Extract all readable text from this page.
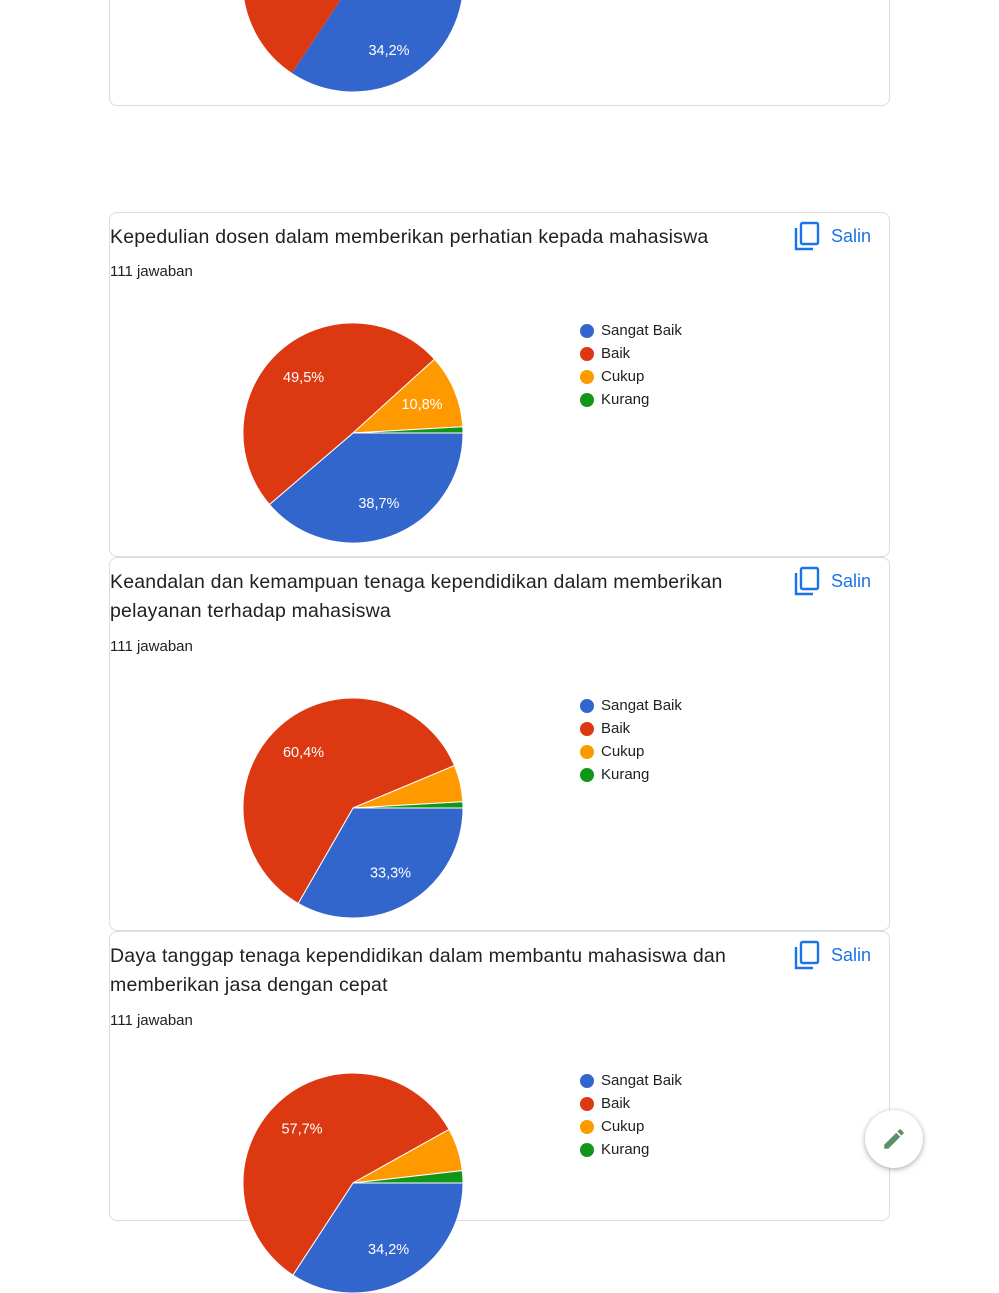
34,2%
Kepedulian dosen dalam memberikan perhatian kepada mahasiswa
111 jawaban
Salin
38,7%
49,5%
10,8%
Sangat Baik
Baik
Cukup
Kurang
Keandalan dan kemampuan tenaga kependidikan dalam memberikan pelayanan terhadap mahasiswa
111 jawaban
Salin
33,3%
60,4%
Sangat Baik
Baik
Cukup
Kurang
Daya tanggap tenaga kependidikan dalam membantu mahasiswa dan memberikan jasa dengan cepat
111 jawaban
Salin
34,2%
57,7%
Sangat Baik
Baik
Cukup
Kurang
